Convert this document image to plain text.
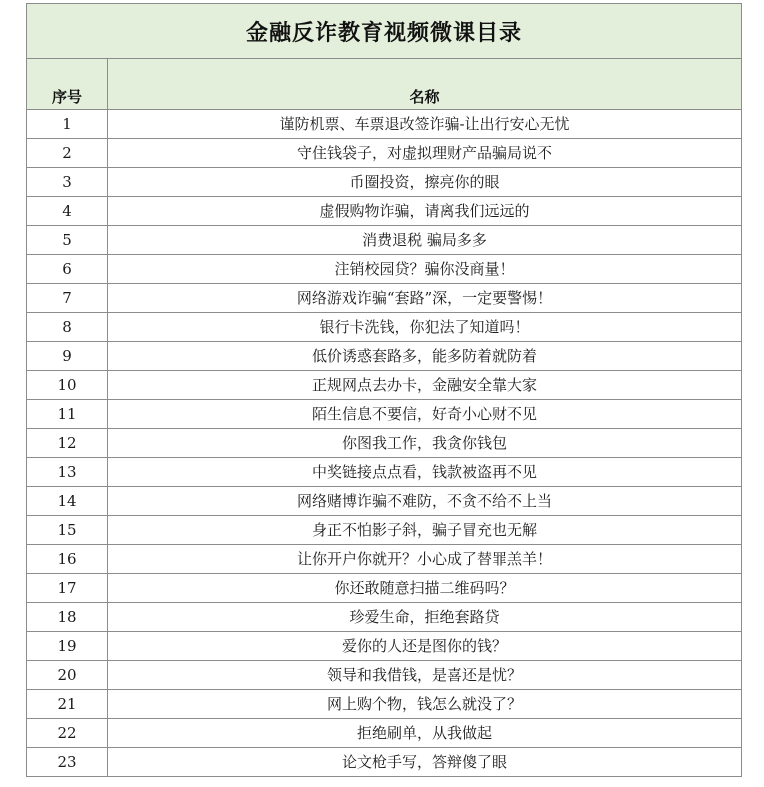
金融反诈教育视频微课目录	
序号	名称
1	谨防机票、车票退改签诈骗-让出行安心无忧
2	守住钱袋子，对虚拟理财产品骗局说不
3	币圈投资，擦亮你的眼
4	虚假购物诈骗，请离我们远远的
5	消费退税 骗局多多
6	注销校园贷？骗你没商量！
7	网络游戏诈骗“套路”深，一定要警惕！
8	银行卡洗钱，你犯法了知道吗！
9	低价诱惑套路多，能多防着就防着
10	正规网点去办卡，金融安全靠大家
11	陌生信息不要信，好奇小心财不见
12	你图我工作，我贪你钱包
13	中奖链接点点看，钱款被盗再不见
14	网络赌博诈骗不难防，不贪不给不上当
15	身正不怕影子斜，骗子冒充也无解
16	让你开户你就开？小心成了替罪羔羊！
17	你还敢随意扫描二维码吗？
18	珍爱生命，拒绝套路贷
19	爱你的人还是图你的钱？
20	领导和我借钱，是喜还是忧？
21	网上购个物，钱怎么就没了？
22	拒绝刷单，从我做起
23	论文枪手写，答辩傻了眼
